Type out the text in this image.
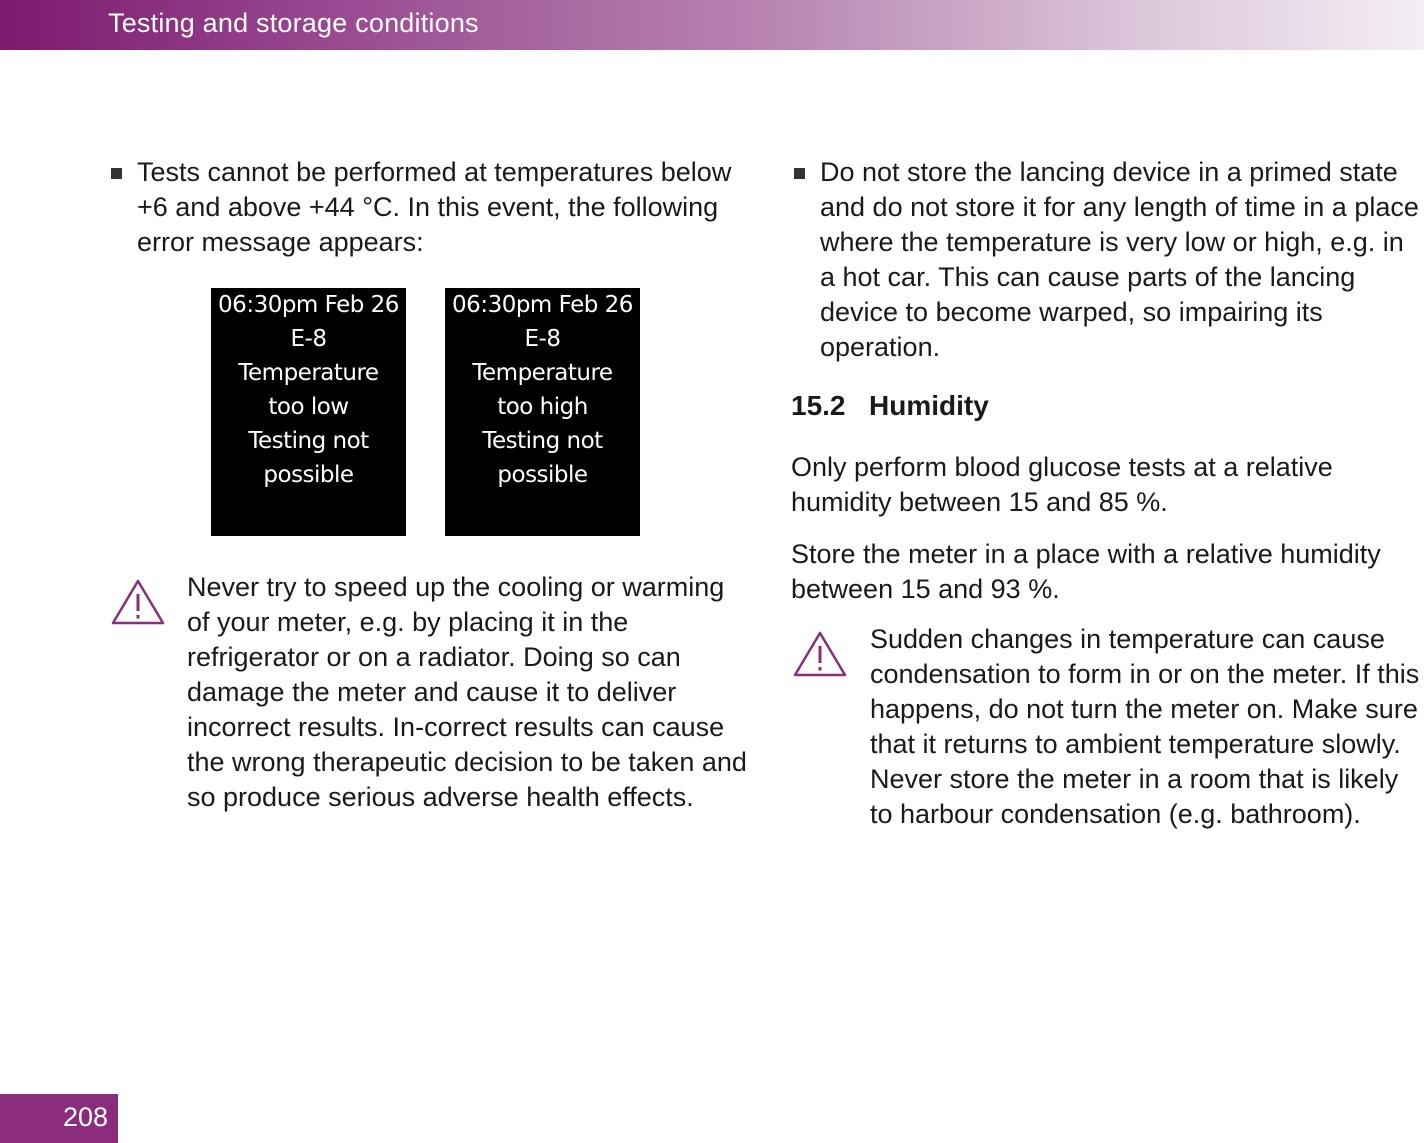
Testing and storage conditions
Tests cannot be performed at temperatures below +6 and above +44 °C. In this event, the following error message appears:
06:30pm Feb 26
E-8
Temperature
too low
Testing not
possible
06:30pm Feb 26
E-8
Temperature
too high
Testing not
possible
Never try to speed up the cooling or warming of your meter, e.g. by placing it in the refrigerator or on a radiator. Doing so can damage the meter and cause it to deliver incorrect results. In-correct results can cause the wrong therapeutic decision to be taken and so produce serious adverse health effects.
Do not store the lancing device in a primed state and do not store it for any length of time in a place where the temperature is very low or high, e.g. in a hot car. This can cause parts of the lancing device to become warped, so impairing its operation.
15.2 Humidity
Only perform blood glucose tests at a relative humidity between 15 and 85 %.
Store the meter in a place with a relative humidity between 15 and 93 %.
Sudden changes in temperature can cause condensation to form in or on the meter. If this happens, do not turn the meter on. Make sure that it returns to ambient temperature slowly. Never store the meter in a room that is likely to harbour condensation (e.g. bathroom).
208
